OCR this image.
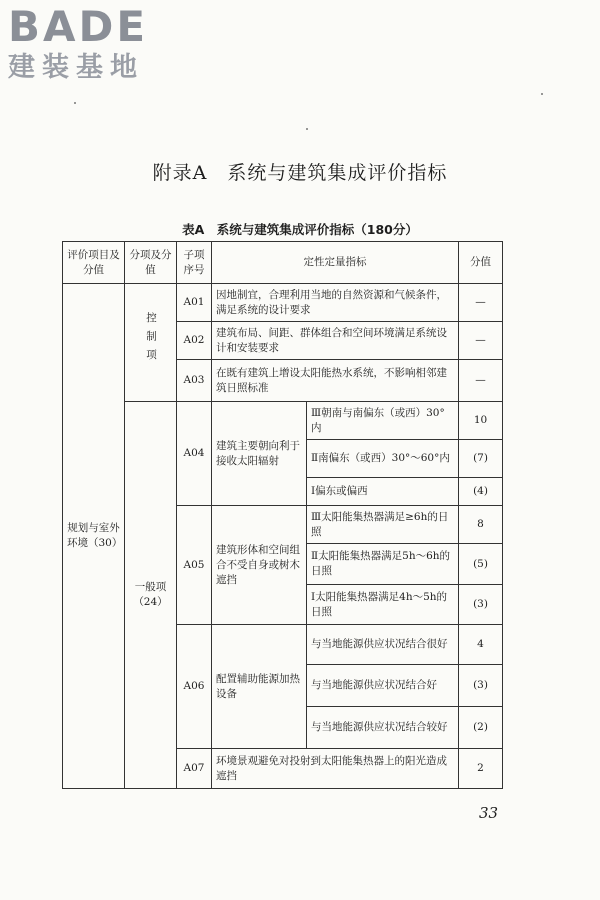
BADE
建装基地
附录A　系统与建筑集成评价指标
表A　系统与建筑集成评价指标（180分）
评价项目及分值	分项及分值	子项序号	定性定量指标		分值
规划与室外环境（30）	控制项	A01	因地制宜，合理利用当地的自然资源和气候条件，满足系统的设计要求		—
		A02	建筑布局、间距、群体组合和空间环境满足系统设计和安装要求		—
		A03	在既有建筑上增设太阳能热水系统，不影响相邻建筑日照标准		—
	一般项（24）	A04	建筑主要朝向利于接收太阳辐射	Ⅲ朝南与南偏东（或西）30°内	10
				Ⅱ南偏东（或西）30°～60°内	(7)
				Ⅰ偏东或偏西	(4)
		A05	建筑形体和空间组合不受自身或树木遮挡	Ⅲ太阳能集热器满足≥6h的日照	8
				Ⅱ太阳能集热器满足5h～6h的日照	(5)
				Ⅰ太阳能集热器满足4h～5h的日照	(3)
		A06	配置辅助能源加热设备	与当地能源供应状况结合很好	4
				与当地能源供应状况结合好	(3)
				与当地能源供应状况结合较好	(2)
		A07	环境景观避免对投射到太阳能集热器上的阳光造成遮挡		2
33
